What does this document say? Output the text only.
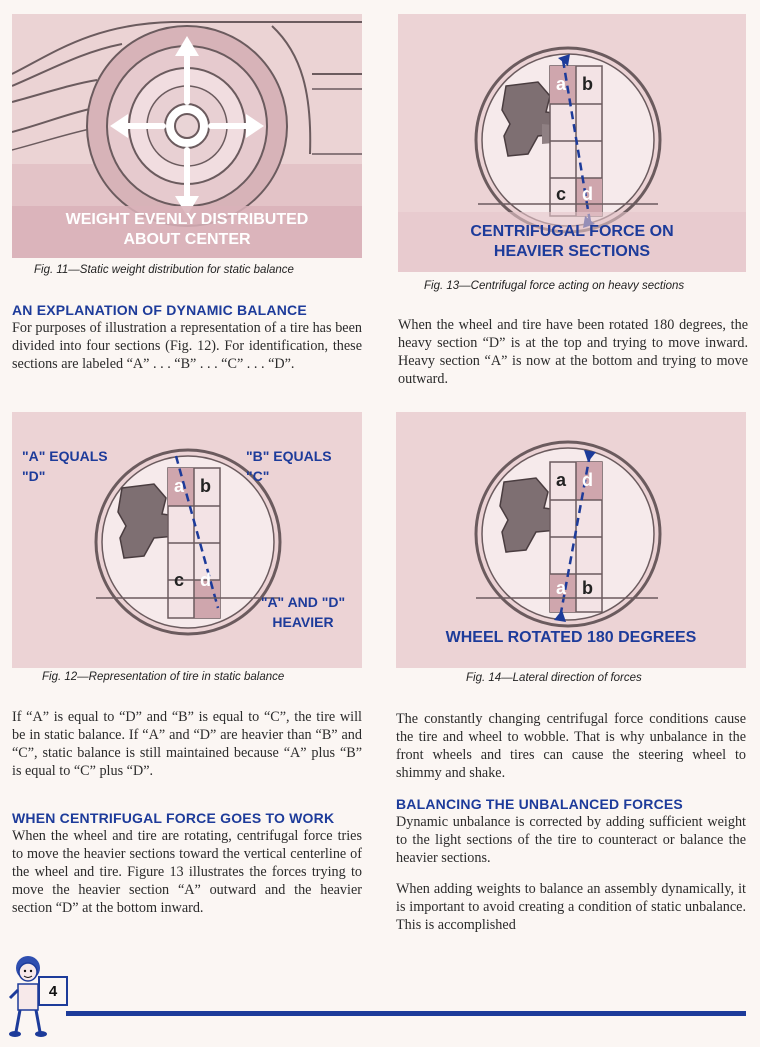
WEIGHT EVENLY DISTRIBUTED
ABOUT CENTER
Fig. 11—Static weight distribution for static balance
a b
c d
CENTRIFUGAL FORCE ON
HEAVIER SECTIONS
Fig. 13—Centrifugal force acting on heavy sections
AN EXPLANATION OF DYNAMIC BALANCE
For purposes of illustration a representation of a tire has been divided into four sections (Fig. 12). For identification, these sections are labeled “A” . . . “B” . . . “C” . . . “D”.
When the wheel and tire have been rotated 180 degrees, the heavy section “D” is at the top and trying to move inward. Heavy section “A” is now at the bottom and trying to move outward.
a b
c d
"A" EQUALS "D"
"B" EQUALS "C"
"A" AND "D"
HEAVIER
Fig. 12—Representation of tire in static balance
a d
a b
WHEEL ROTATED 180 DEGREES
Fig. 14—Lateral direction of forces
If “A” is equal to “D” and “B” is equal to “C”, the tire will be in static balance. If “A” and “D” are heavier than “B” and “C”, static balance is still maintained because “A” plus “B” is equal to “C” plus “D”.
The constantly changing centrifugal force conditions cause the tire and wheel to wobble. That is why unbalance in the front wheels and tires can cause the steering wheel to shimmy and shake.
WHEN CENTRIFUGAL FORCE GOES TO WORK
When the wheel and tire are rotating, centrifugal force tries to move the heavier sections toward the vertical centerline of the wheel and tire. Figure 13 illustrates the forces trying to move the heavier section “A” outward and the heavier section “D” at the bottom inward.
BALANCING THE UNBALANCED FORCES
Dynamic unbalance is corrected by adding sufficient weight to the light sections of the tire to counteract or balance the heavier sections.
When adding weights to balance an assembly dynamically, it is important to avoid creating a condition of static unbalance. This is accomplished
4
